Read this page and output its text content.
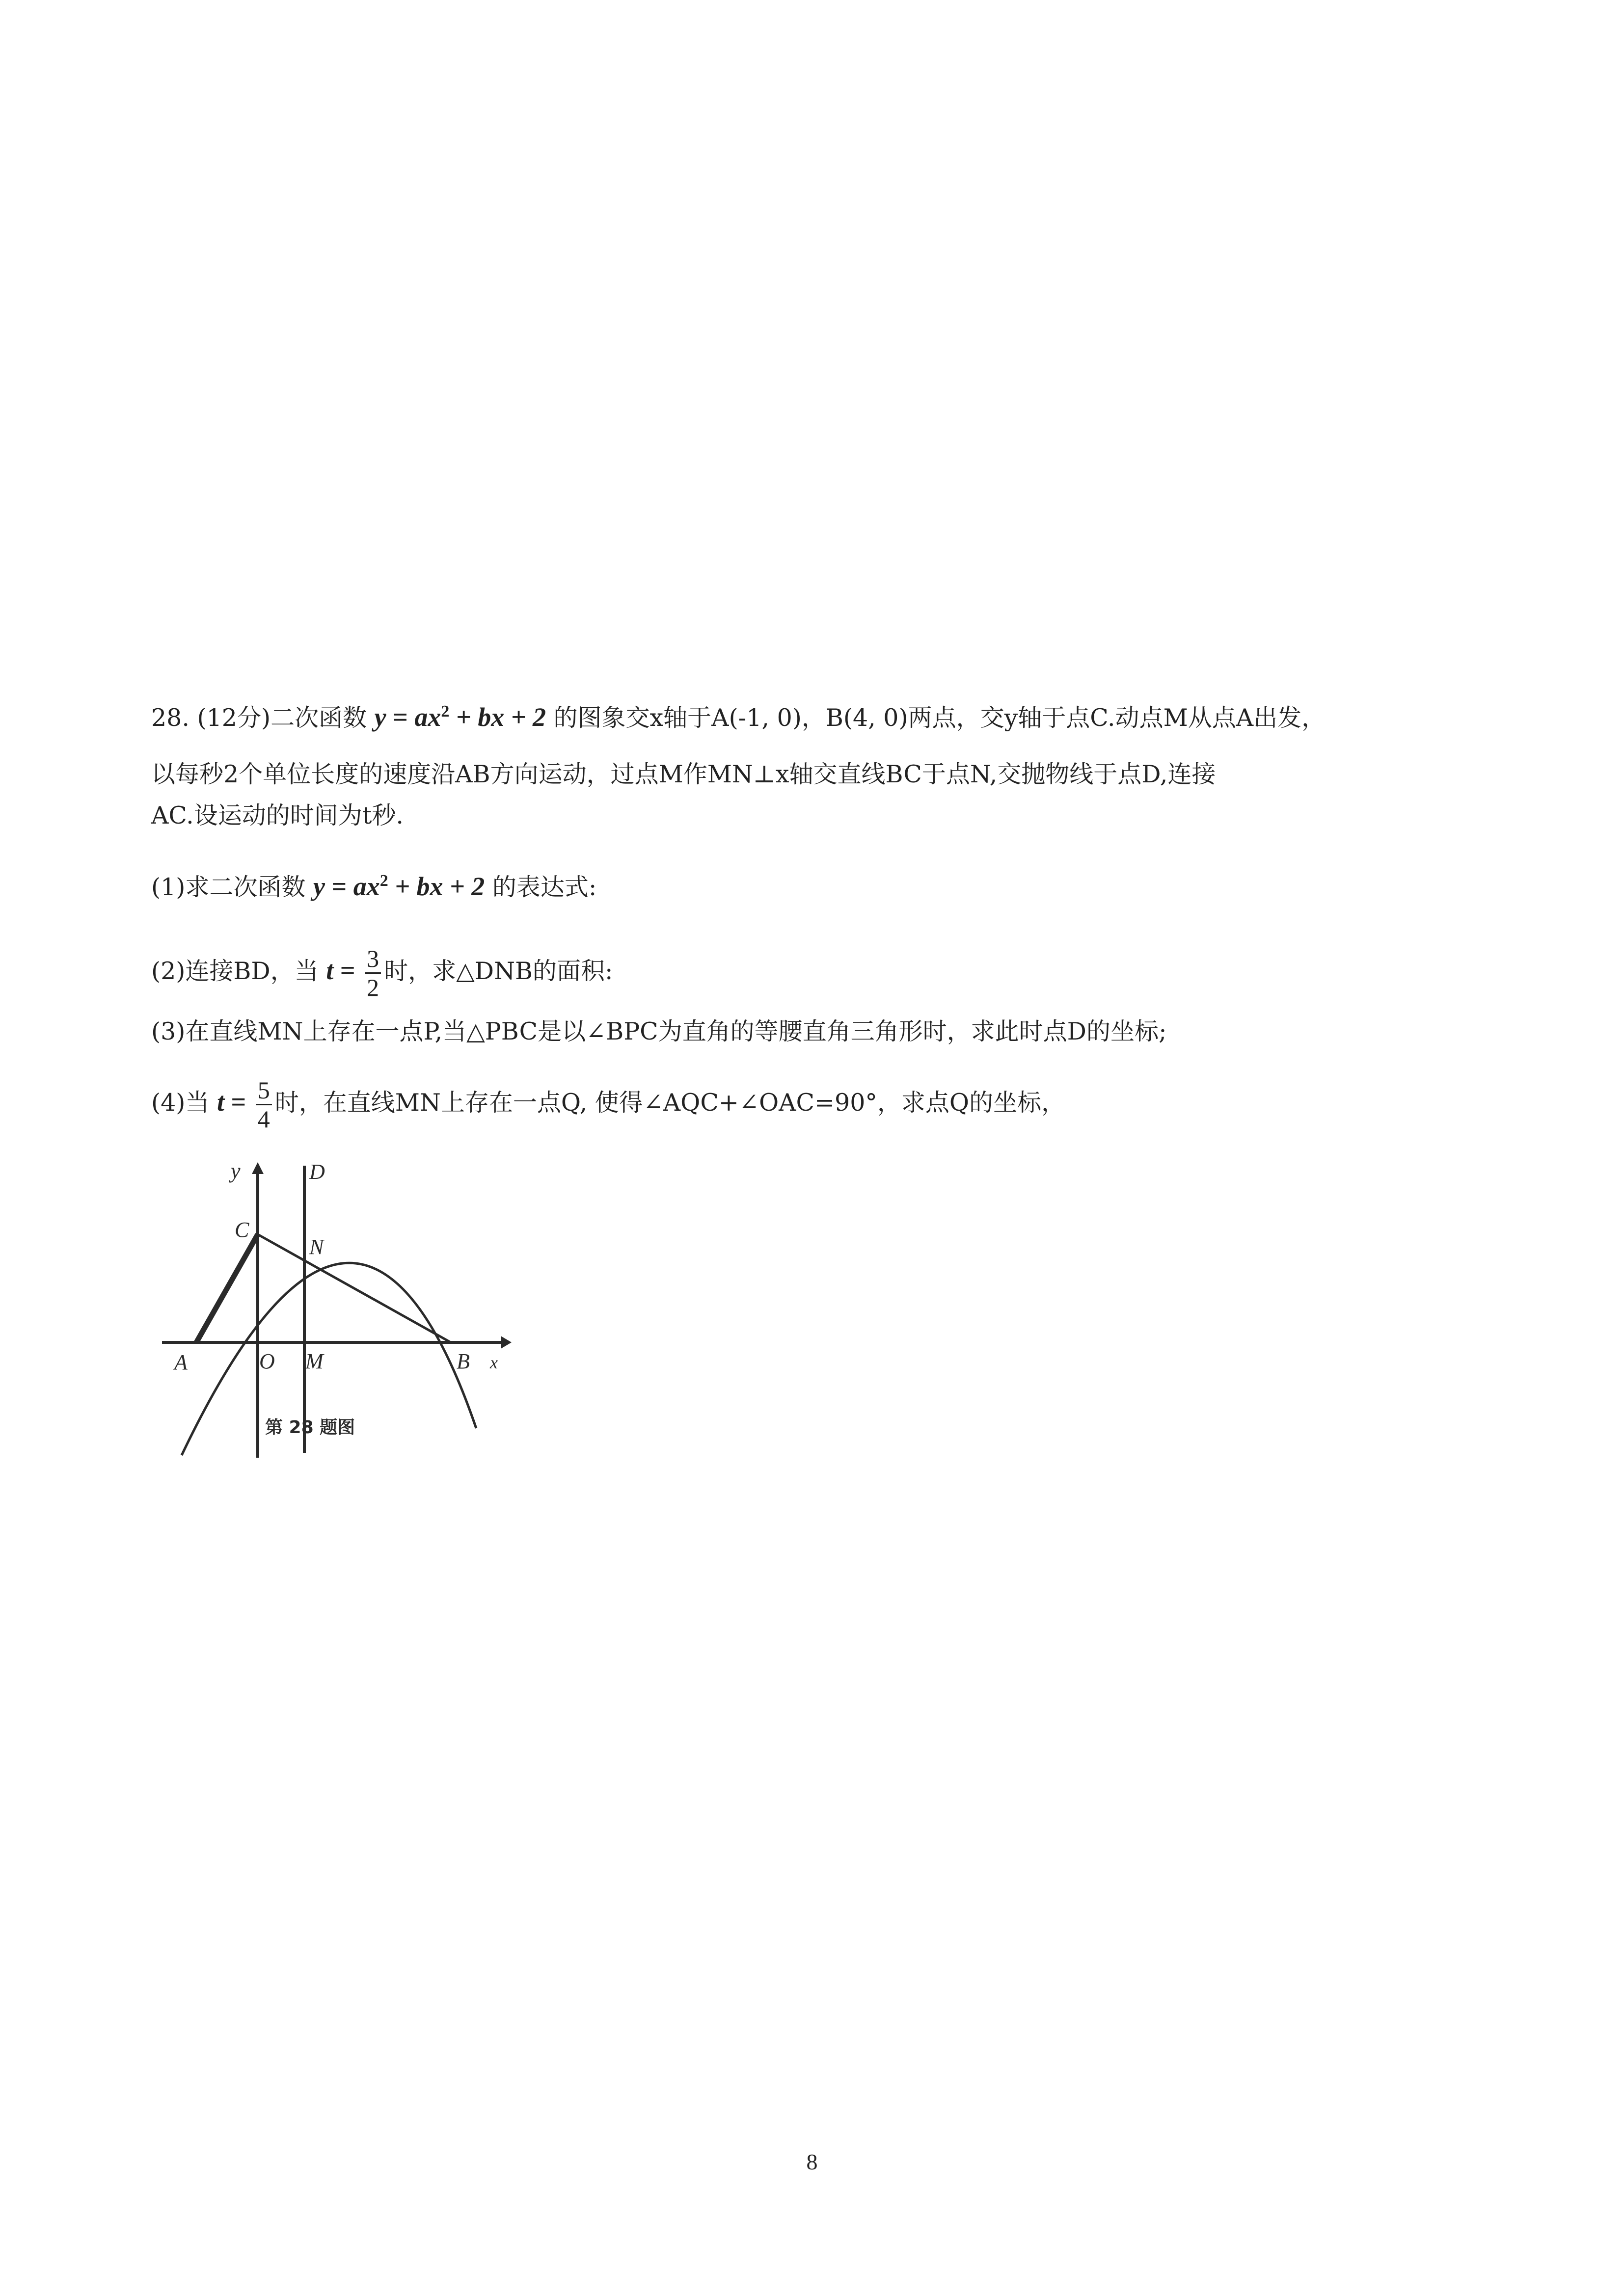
28. (12分)二次函数 $y = ax^2$ + bx + 2 的图象交x轴于A(-1, 0)，B(4, 0)两点，交y轴于点C.动点M从点A出发，
以每秒2个单位长度的速度沿AB方向运动，过点M作MN⊥x轴交直线BC于点N,交抛物线于点D,连接
AC.设运动的时间为t秒.
(1)求二次函数 $y = ax^2$ + bx + 2 的表达式:
(2)连接BD，当 $t = \frac{3}{2}$ 时，求△DNB的面积:
(3)在直线MN上存在一点P,当△PBC是以∠BPC为直角的等腰直角三角形时，求此时点D的坐标;
(4)当 $t = \frac{5}{4}$ 时，在直线MN上存在一点Q, 使得∠AQC+∠OAC=90°，求点Q的坐标，
y	D
C
N
A	O M	B x
第 28 题图
8
